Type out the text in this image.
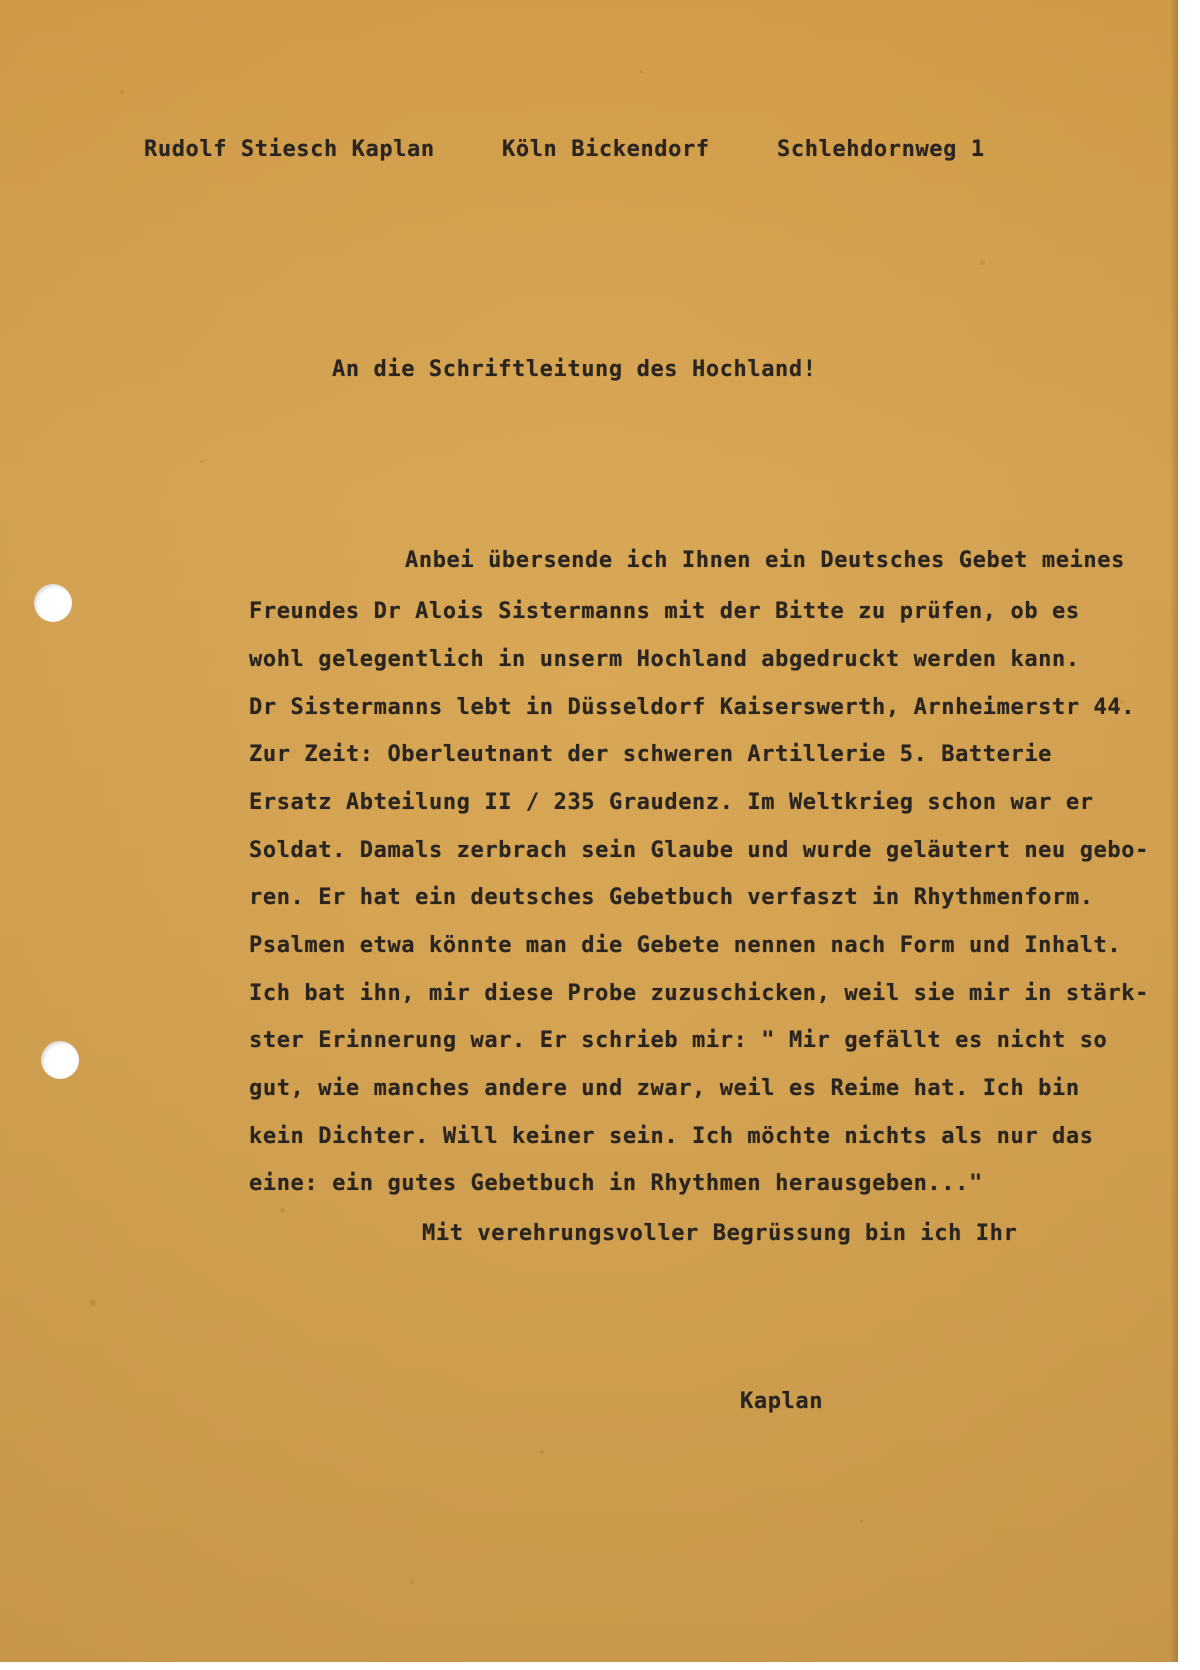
Rudolf Stiesch Kaplan	Köln Bickendorf	Schlehdornweg 1
An die Schriftleitung des Hochland!
Anbei übersende ich Ihnen ein Deutsches Gebet meines
Freundes Dr Alois Sistermanns mit der Bitte zu prüfen, ob es
wohl gelegentlich in unserm Hochland abgedruckt werden kann.
Dr Sistermanns lebt in Düsseldorf Kaiserswerth, Arnheimerstr 44.
Zur Zeit: Oberleutnant der schweren Artillerie 5. Batterie
Ersatz Abteilung II / 235 Graudenz. Im Weltkrieg schon war er
Soldat. Damals zerbrach sein Glaube und wurde geläutert neu gebo-
ren. Er hat ein deutsches Gebetbuch verfaszt in Rhythmenform.
Psalmen etwa könnte man die Gebete nennen nach Form und Inhalt.
Ich bat ihn, mir diese Probe zuzuschicken, weil sie mir in stärk-
ster Erinnerung war. Er schrieb mir: " Mir gefällt es nicht so
gut, wie manches andere und zwar, weil es Reime hat. Ich bin
kein Dichter. Will keiner sein. Ich möchte nichts als nur das
eine: ein gutes Gebetbuch in Rhythmen herausgeben..."
Mit verehrungsvoller Begrüssung bin ich Ihr
Kaplan
